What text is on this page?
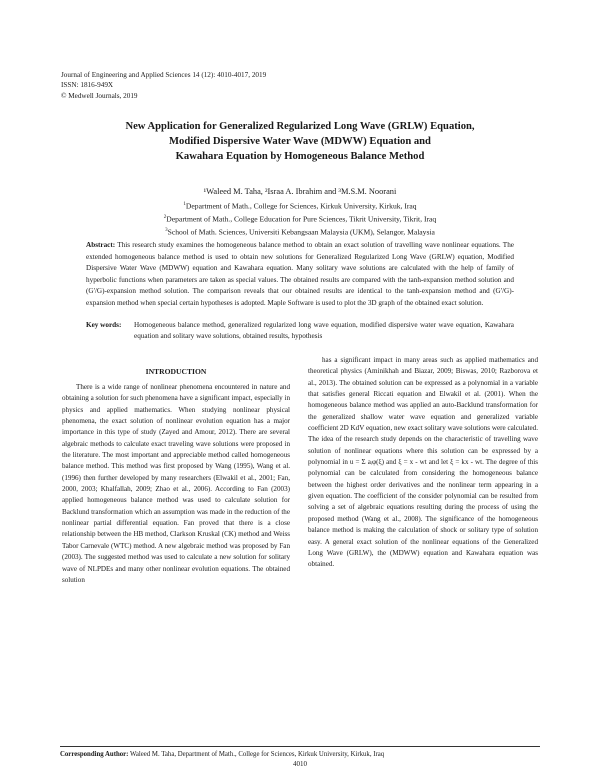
Journal of Engineering and Applied Sciences 14 (12): 4010-4017, 2019
ISSN: 1816-949X
© Medwell Journals, 2019
New Application for Generalized Regularized Long Wave (GRLW) Equation,
Modified Dispersive Water Wave (MDWW) Equation and
Kawahara Equation by Homogeneous Balance Method
¹Waleed M. Taha, ²Israa A. Ibrahim and ³M.S.M. Noorani
$^1$Department of Math., College for Sciences, Kirkuk University, Kirkuk, Iraq
$^2$Department of Math., College Education for Pure Sciences, Tikrit University, Tikrit, Iraq
$^3$School of Math. Sciences, Universiti Kebangsaan Malaysia (UKM), Selangor, Malaysia
Abstract: This research study examines the homogeneous balance method to obtain an exact solution of travelling wave nonlinear equations. The extended homogeneous balance method is used to obtain new solutions for Generalized Regularized Long Wave (GRLW) equation, Modified Dispersive Water Wave (MDWW) equation and Kawahara equation. Many solitary wave solutions are calculated with the help of family of hyperbolic functions when parameters are taken as special values. The obtained results are compared with the tanh-expansion method solution and (G'/G)-expansion method solution. The comparison reveals that our obtained results are identical to the tanh-expansion method and (G'/G)-expansion method when special certain hypotheses is adopted. Maple Software is used to plot the 3D graph of the obtained exact solution.
Key words:	Homogeneous balance method, generalized regularized long wave equation, modified dispersive water wave equation, Kawahara equation and solitary wave solutions, obtained results, hypothesis
INTRODUCTION

There is a wide range of nonlinear phenomena encountered in nature and obtaining a solution for such phenomena have a significant impact, especially in physics and applied mathematics. When studying nonlinear physical phenomena, the exact solution of nonlinear evolution equation has a major importance in this type of study (Zayed and Amour, 2012). There are several algebraic methods to calculate exact traveling wave solutions were proposed in the literature. The most important and appreciable method called homogeneous balance method. This method was first proposed by Wang (1995), Wang et al. (1996) then further developed by many researchers (Elwakil et al., 2001; Fan, 2000, 2003; Khalfallah, 2009; Zhao et al., 2006). According to Fan (2003) applied homogeneous balance method was used to calculate solution for Backlund transformation which an assumption was made in the reduction of the nonlinear partial differential equation. Fan proved that there is a close relationship between the HB method, Clarkson Kruskal (CK) method and Weiss Tabor Carnevale (WTC) method. A new algebraic method was proposed by Fan (2003). The suggested method was used to calculate a new solution for solitary wave of NLPDEs and many other nonlinear evolution equations. The obtained solution

has a significant impact in many areas such as applied mathematics and theoretical physics (Aminikhah and Biazar, 2009; Biswas, 2010; Razborova et al., 2013). The obtained solution can be expressed as a polynomial in a variable that satisfies general Riccati equation and Elwakil et al. (2001). When the homogeneous balance method was applied an auto-Backlund transformation for the generalized shallow water wave equation and generalized variable coefficient 2D KdV equation, new exact solitary wave solutions were calculated. The idea of the research study depends on the characteristic of travelling wave solution of nonlinear equations where this solution can be expressed by a polynomial in u = Σ aᵢφ(ξ) and ξ = x - wt and let ξ = kx - wt. The degree of this polynomial can be calculated from considering the homogeneous balance between the highest order derivatives and the nonlinear term appearing in a given equation. The coefficient of the consider polynomial can be resulted from solving a set of algebraic equations resulting during the process of using the proposed method (Wang et al., 2008). The significance of the homogeneous balance method is making the calculation of shock or solitary type of solution easy. A general exact solution of the nonlinear equations of the Generalized Long Wave (GRLW), the (MDWW) equation and Kawahara equation was obtained.

Corresponding Author: Waleed M. Taha, Department of Math., College for Sciences, Kirkuk University, Kirkuk, Iraq
4010
